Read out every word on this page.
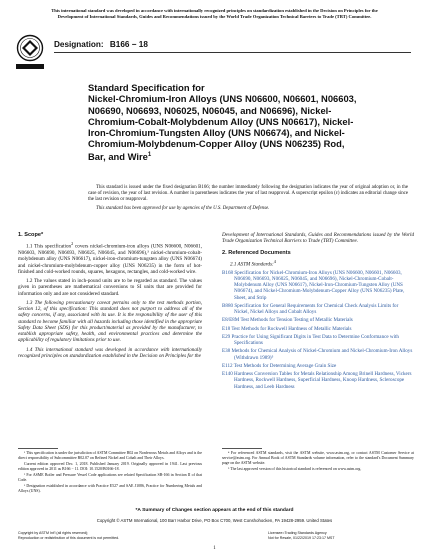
This international standard was developed in accordance with internationally recognized principles on standardization established in the Decision on Principles for the
Development of International Standards, Guides and Recommendations issued by the World Trade Organization Technical Barriers to Trade (TBT) Committee.
Designation: B166 − 18
Standard Specification for
Nickel-Chromium-Iron Alloys (UNS N06600, N06601, N06603,
N06690, N06693, N06025, N06045, and N06696), Nickel-
Chromium-Cobalt-Molybdenum Alloy (UNS N06617), Nickel-
Iron-Chromium-Tungsten Alloy (UNS N06674), and Nickel-
Chromium-Molybdenum-Copper Alloy (UNS N06235) Rod,
Bar, and Wire$^1$

This standard is issued under the fixed designation B166; the number immediately following the designation indicates the year of original adoption or, in the case of revision, the year of last revision. A number in parentheses indicates the year of last reapproval. A superscript epsilon (ε) indicates an editorial change since the last revision or reapproval.

This standard has been approved for use by agencies of the U.S. Department of Defense.

1. Scope*

1.1 This specification$^2$ covers nickel-chromium-iron alloys (UNS N06600, N06601, N06603, N06690, N06693, N06025, N06045, and N06696),³ nickel-chromium-cobalt-molybdenum alloy (UNS N06617), nickel-iron-chromium-tungsten alloy (UNS N06674) and nickel-chromium-molybdenum-copper alloy (UNS N06235) in the form of hot-finished and cold-worked rounds, squares, hexagons, rectangles, and cold-worked wire.

1.2 The values stated in inch-pound units are to be regarded as standard. The values given in parentheses are mathematical conversions to SI units that are provided for information only and are not considered standard.

1.3 The following precautionary caveat pertains only to the test methods portion, Section 12, of this specification: This standard does not purport to address all of the safety concerns, if any, associated with its use. It is the responsibility of the user of this standard to become familiar with all hazards including those identified in the appropriate Safety Data Sheet (SDS) for this product/material as provided by the manufacturer, to establish appropriate safety, health, and environmental practices and determine the applicability of regulatory limitations prior to use.

1.4 This international standard was developed in accordance with internationally recognized principles on standardization established in the Decision on Principles for the

Development of International Standards, Guides and Recommendations issued by the World Trade Organization Technical Barriers to Trade (TBT) Committee.

2. Referenced Documents

2.1 ASTM Standards:$^4$

B168 Specification for Nickel-Chromium-Iron Alloys (UNS N06600, N06601, N06603, N06690, N06693, N06025, N06045, and N06696), Nickel-Chromium-Cobalt-Molybdenum Alloy (UNS N06617), Nickel-Iron-Chromium-Tungsten Alloy (UNS N06674), and Nickel-Chromium-Molybdenum-Copper Alloy (UNS N06235) Plate, Sheet, and Strip

B880 Specification for General Requirements for Chemical Check Analysis Limits for Nickel, Nickel Alloys and Cobalt Alloys

E8/E8M Test Methods for Tension Testing of Metallic Materials

E18 Test Methods for Rockwell Hardness of Metallic Materials

E29 Practice for Using Significant Digits in Test Data to Determine Conformance with Specifications

E38 Methods for Chemical Analysis of Nickel-Chromium and Nickel-Chromium-Iron Alloys (Withdrawn 1989)⁵

E112 Test Methods for Determining Average Grain Size

E140 Hardness Conversion Tables for Metals Relationship Among Brinell Hardness, Vickers Hardness, Rockwell Hardness, Superficial Hardness, Knoop Hardness, Scleroscope Hardness, and Leeb Hardness

¹ This specification is under the jurisdiction of ASTM Committee B02 on Nonferrous Metals and Alloys and is the direct responsibility of Subcommittee B02.07 on Refined Nickel and Cobalt and Their Alloys.

Current edition approved Dec. 1, 2018. Published January 2019. Originally approved in 1941. Last previous edition approved in 2011 as B166 − 11. DOI: 10.1520/B0166-18.

² For ASME Boiler and Pressure Vessel Code applications see related Specification SB-166 in Section II of that Code.

³ Designation established in accordance with Practice E527 and SAE J1086, Practice for Numbering Metals and Alloys (UNS).

⁴ For referenced ASTM standards, visit the ASTM website, www.astm.org, or contact ASTM Customer Service at service@astm.org. For Annual Book of ASTM Standards volume information, refer to the standard's Document Summary page on the ASTM website.

⁵ The last approved version of this historical standard is referenced on www.astm.org.

*A Summary of Changes section appears at the end of this standard
Copyright © ASTM International, 100 Barr Harbor Drive, PO Box C700, West Conshohocken, PA 19428-2959. United States
Copyright by ASTM Int'l (all rights reserved);
Reproduction or redistribution of this document is not permitted.
Licensee=Trading Standards Agency
Not for Resale, 01/22/2019 17:23:17 MST
1
